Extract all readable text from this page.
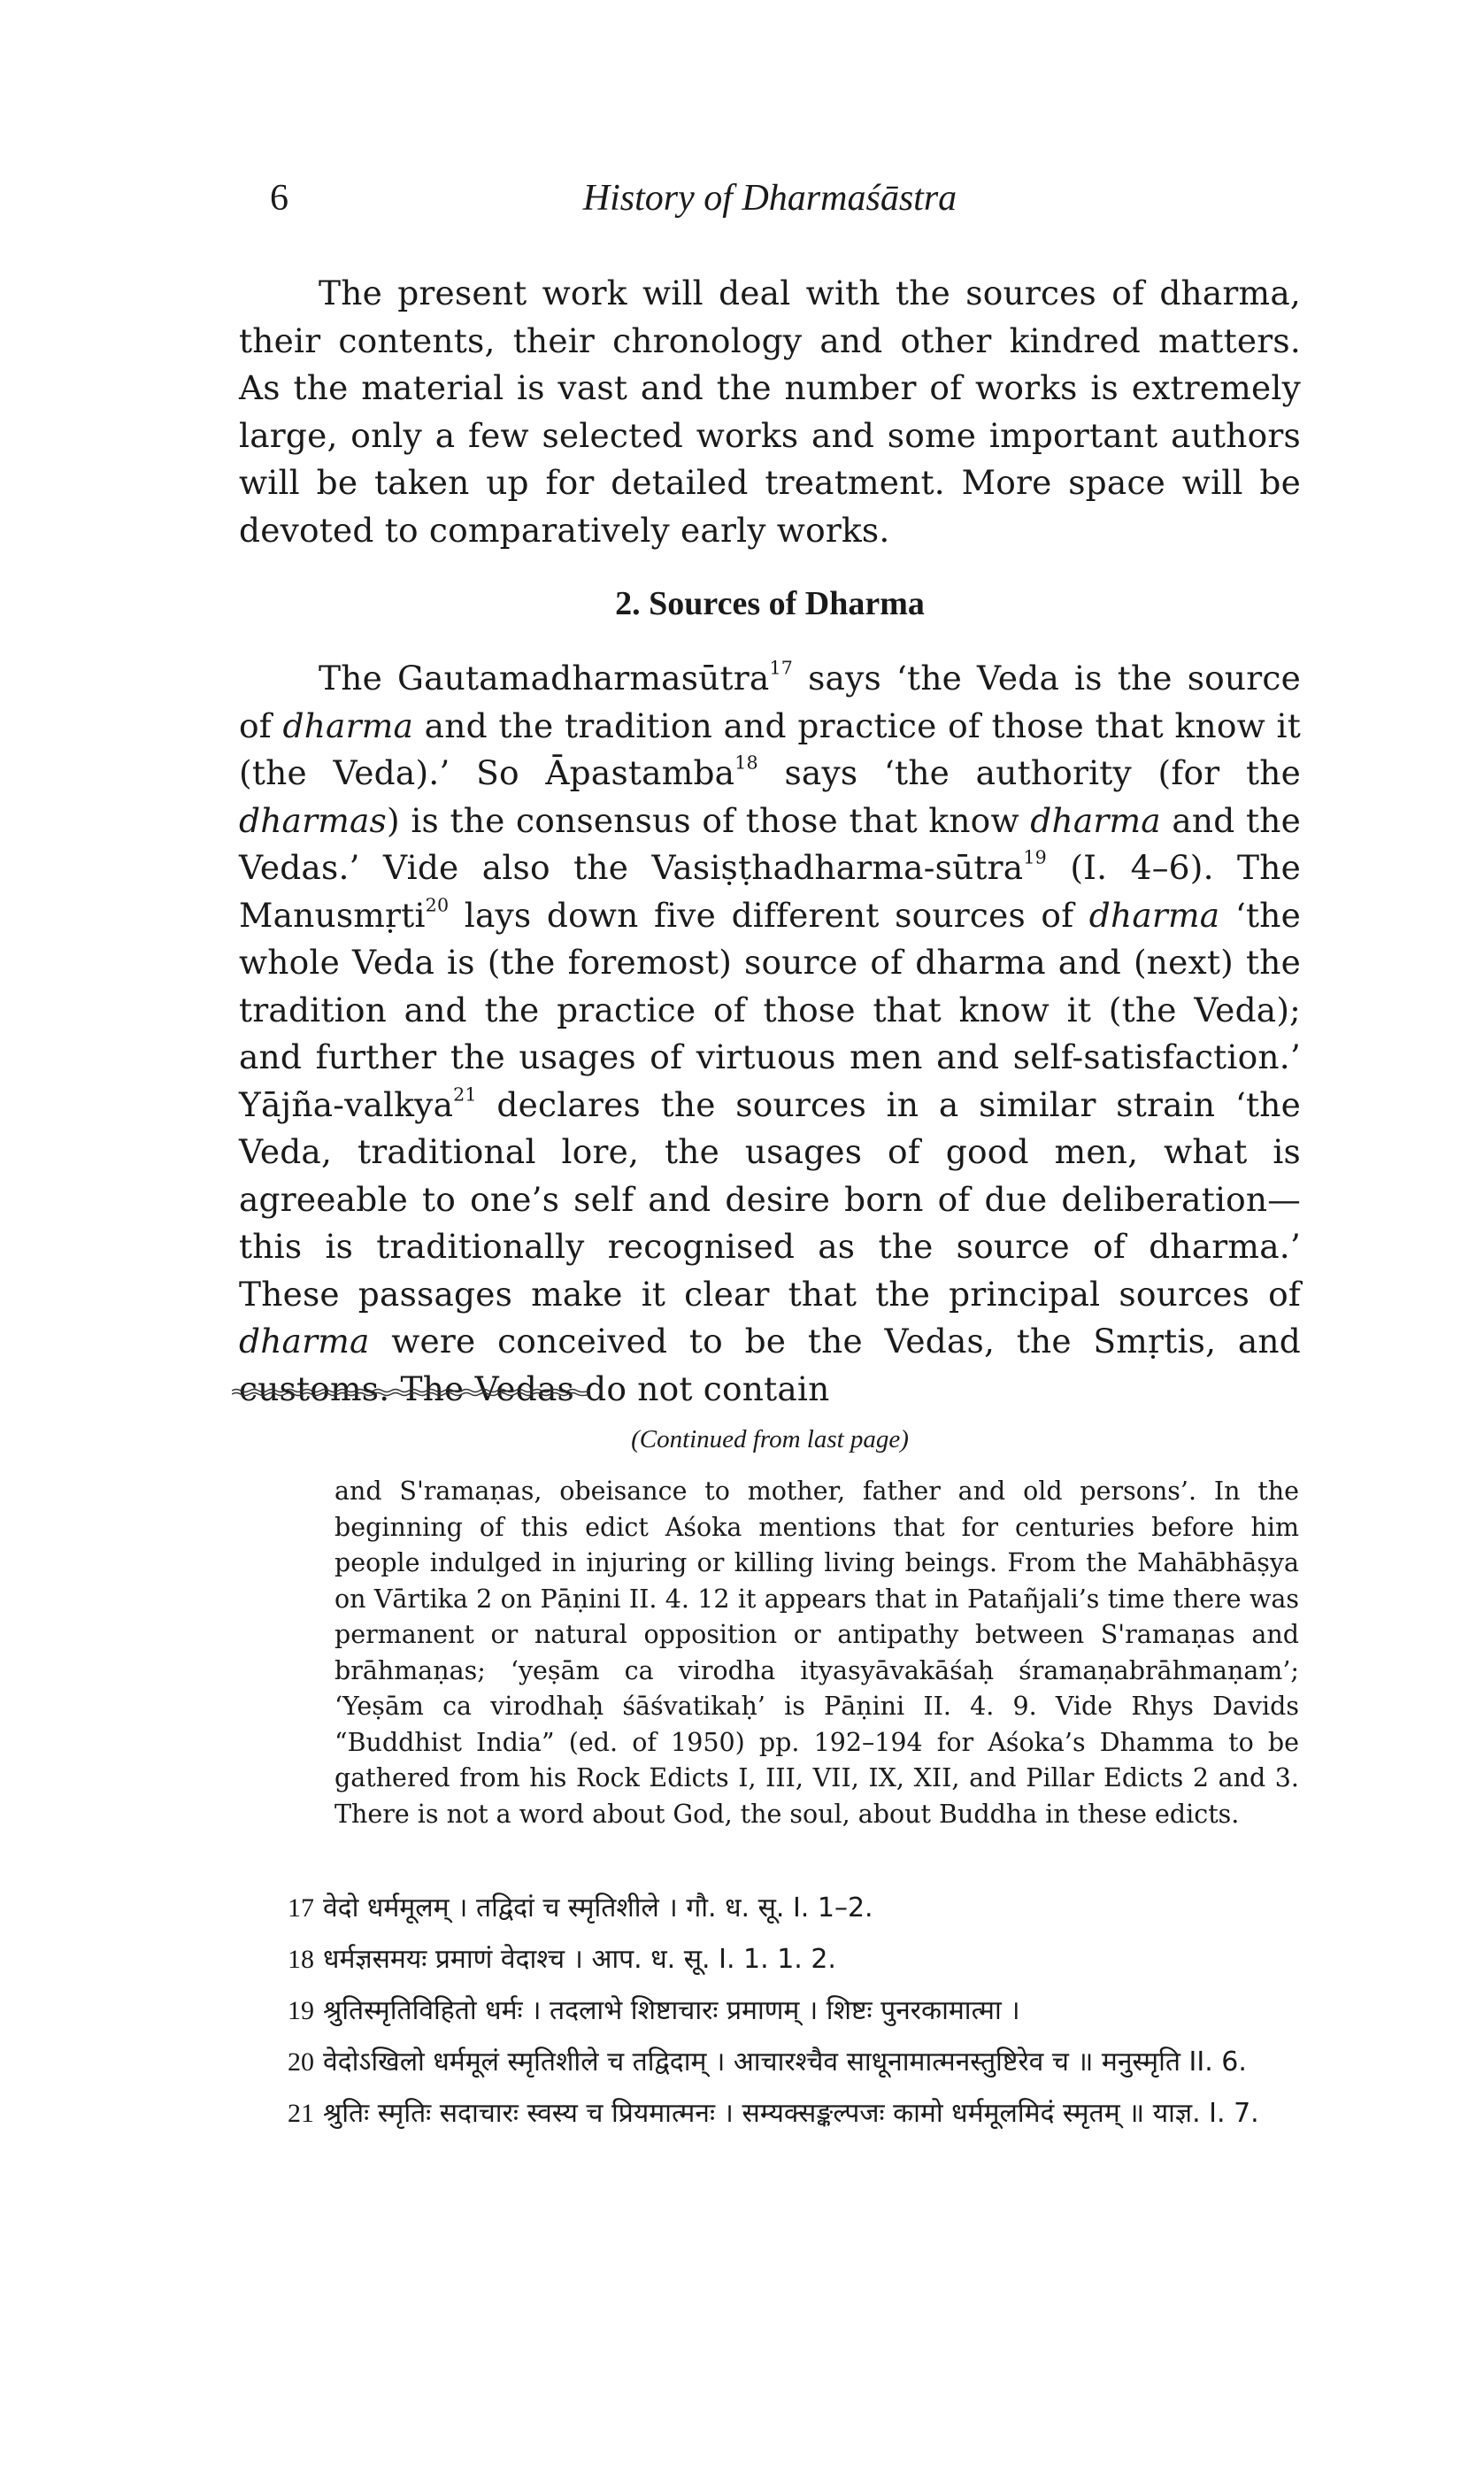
6	History of Dharmaśāstra

The present work will deal with the sources of dharma, their contents, their chronology and other kindred matters. As the material is vast and the number of works is extremely large, only a few selected works and some important authors will be taken up for detailed treatment. More space will be devoted to comparatively early works.

2. Sources of Dharma

The Gautamadharmasūtra$^{17}$ says ‘the Veda is the source of dharma and the tradition and practice of those that know it (the Veda).’ So Āpastamba$^{18}$ says ‘the authority (for the dharmas) is the consensus of those that know dharma and the Vedas.’ Vide also the Vasiṣṭhadharma-sūtra$^{19}$ (I. 4–6). The Manusmṛti$^{20}$ lays down five different sources of dharma ‘the whole Veda is (the foremost) source of dharma and (next) the tradition and the practice of those that know it (the Veda); and further the usages of virtuous men and self-satisfaction.’ Yājña-valkya$^{21}$ declares the sources in a similar strain ‘the Veda, traditional lore, the usages of good men, what is agreeable to one’s self and desire born of due deliberation—this is traditionally recognised as the source of dharma.’ These passages make it clear that the principal sources of dharma were conceived to be the Vedas, the Smṛtis, and customs. The Vedas do not contain

(Continued from last page)
and S'ramaṇas, obeisance to mother, father and old persons’. In the beginning of this edict Aśoka mentions that for centuries before him people indulged in injuring or killing living beings. From the Mahābhāṣya on Vārtika 2 on Pāṇini II. 4. 12 it appears that in Patañjali’s time there was permanent or natural opposition or antipathy between S'ramaṇas and brāhmaṇas; ‘yeṣām ca virodha ityasyāvakāśaḥ śramaṇabrāhmaṇam’; ‘Yeṣām ca virodhaḥ śāśvatikaḥ’ is Pāṇini II. 4. 9. Vide Rhys Davids “Buddhist India” (ed. of 1950) pp. 192–194 for Aśoka’s Dhamma to be gathered from his Rock Edicts I, III, VII, IX, XII, and Pillar Edicts 2 and 3. There is not a word about God, the soul, about Buddha in these edicts.
17 वेदो धर्ममूलम् । तद्विदां च स्मृतिशीले । गौ. ध. सू. I. 1–2.
18 धर्मज्ञसमयः प्रमाणं वेदाश्च । आप. ध. सू. I. 1. 1. 2.
19 श्रुतिस्मृतिविहितो धर्मः । तदलाभे शिष्टाचारः प्रमाणम् । शिष्टः पुनरकामात्मा ।
20 वेदोऽखिलो धर्ममूलं स्मृतिशीले च तद्विदाम् । आचारश्चैव साधूनामात्मनस्तुष्टिरेव च ॥ मनुस्मृति II. 6.
21 श्रुतिः स्मृतिः सदाचारः स्वस्य च प्रियमात्मनः । सम्यक्सङ्कल्पजः कामो धर्ममूलमिदं स्मृतम् ॥ याज्ञ. I. 7.
